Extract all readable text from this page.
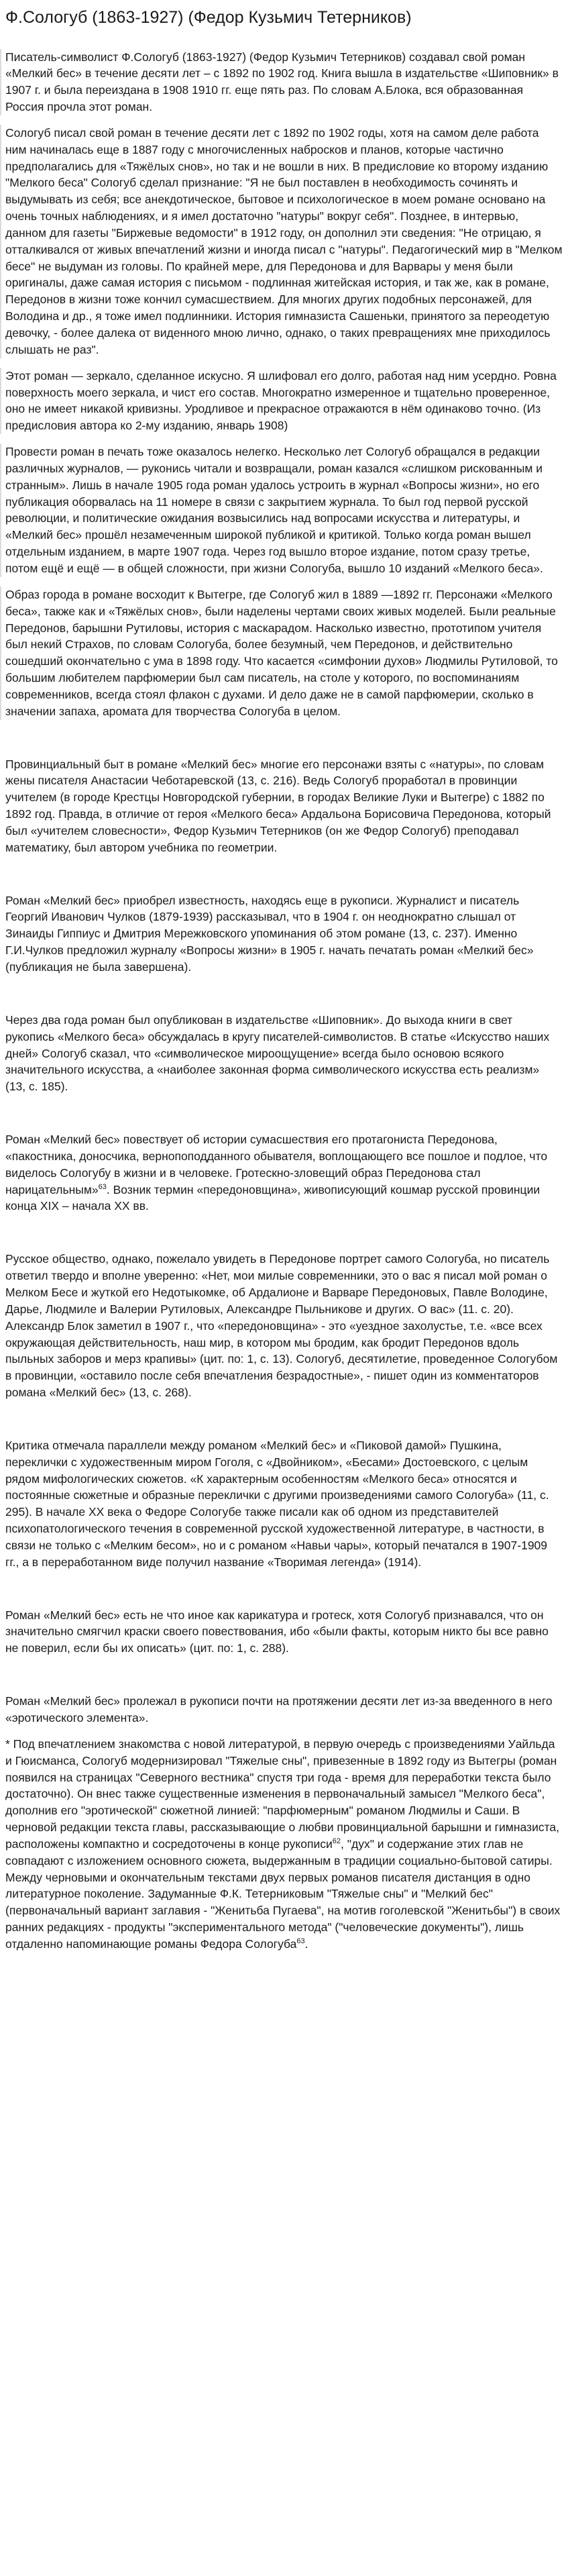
Ф.Сологуб (1863-1927) (Федор Кузьмич Тетерников)

Писатель-символист Ф.Сологуб (1863-1927) (Федор Кузьмич Тетерников) создавал свой роман «Мелкий бес» в течение десяти лет – с 1892 по 1902 год. Книга вышла в издательстве «Шиповник» в 1907 г. и была переиздана в 1908 1910 гг. еще пять раз. По словам А.Блока, вся образованная Россия прочла этот роман.

Сологуб писал свой роман в течение десяти лет с 1892 по 1902 годы, хотя на самом деле работа ним начиналась еще в 1887 году с многочисленных набросков и планов, которые частично предполагались для «Тяжёлых снов», но так и не вошли в них. В предисловие ко второму изданию "Мелкого беса" Сологуб сделал признание: "Я не был поставлен в необходимость сочинять и выдумывать из себя; все анекдотическое, бытовое и психологическое в моем романе основано на очень точных наблюдениях, и я имел достаточно "натуры" вокруг себя". Позднее, в интервью, данном для газеты "Биржевые ведомости" в 1912 году, он дополнил эти сведения: "Не отрицаю, я отталкивался от живых впечатлений жизни и иногда писал с "натуры". Педагогический мир в "Мелком бесе" не выдуман из головы. По крайней мере, для Передонова и для Варвары у меня были оригиналы, даже самая история с письмом - подлинная житейская история, и так же, как в романе, Передонов в жизни тоже кончил сумасшествием. Для многих других подобных персонажей, для Володина и др., я тоже имел подлинники. История гимназиста Сашеньки, принятого за переодетую девочку, - более далека от виденного мною лично, однако, о таких превращениях мне приходилось слышать не раз".

Этот роман — зеркало, сделанное искусно. Я шлифовал его долго, работая над ним усердно. Ровна поверхность моего зеркала, и чист его состав. Многократно измеренное и тщательно проверенное, оно не имеет никакой кривизны. Уродливое и прекрасное отражаются в нём одинаково точно. (Из предисловия автора ко 2-му изданию, январь 1908)

Провести роман в печать тоже оказалось нелегко. Несколько лет Сологуб обращался в редакции различных журналов, — руконись читали и возвращали, роман казался «слишком рискованным и странным». Лишь в начале 1905 года роман удалось устроить в журнал «Вопросы жизни», но его публикация оборвалась на 11 номере в связи с закрытием журнала. То был год первой русской революции, и политические ожидания возвысились над вопросами искусства и литературы, и «Мелкий бес» прошёл незамеченным широкой публикой и критикой. Только когда роман вышел отдельным изданием, в марте 1907 года. Через год вышло второе издание, потом сразу третье, потом ещё и ещё — в общей сложности, при жизни Сологуба, вышло 10 изданий «Мелкого беса».

Образ города в романе восходит к Вытегре, где Сологуб жил в 1889 —1892 гг. Персонажи «Мелкого беса», также как и «Тяжёлых снов», были наделены чертами своих живых моделей. Были реальные Передонов, барышни Рутиловы, история с маскарадом. Насколько известно, прототипом учителя был некий Страхов, по словам Сологуба, более безумный, чем Передонов, и действительно сошедший окончательно с ума в 1898 году. Что касается «симфонии духов» Людмилы Рутиловой, то большим любителем парфюмерии был сам писатель, на столе у которого, по воспоминаниям современников, всегда стоял флакон с духами. И дело даже не в самой парфюмерии, сколько в значении запаха, аромата для творчества Сологуба в целом.

Провинциальный быт в романе «Мелкий бес» многие его персонажи взяты с «натуры», по словам жены писателя Анастасии Чеботаревской (13, с. 216). Ведь Сологуб проработал в провинции учителем (в городе Крестцы Новгородской губернии, в городах Великие Луки и Вытегре) с 1882 по 1892 год. Правда, в отличие от героя «Мелкого беса» Ардальона Борисовича Передонова, который был «учителем словесности», Федор Кузьмич Тетерников (он же Федор Сологуб) преподавал математику, был автором учебника по геометрии.

Роман «Мелкий бес» приобрел известность, находясь еще в рукописи. Журналист и писатель Георгий Иванович Чулков (1879-1939) рассказывал, что в 1904 г. он неоднократно слышал от Зинаиды Гиппиус и Дмитрия Мережковского упоминания об этом романе (13, с. 237). Именно Г.И.Чулков предложил журналу «Вопросы жизни» в 1905 г. начать печатать роман «Мелкий бес» (публикация не была завершена).

Через два года роман был опубликован в издательстве «Шиповник». До выхода книги в свет рукопись «Мелкого беса» обсуждалась в кругу писателей-символистов. В статье «Искусство наших дней» Сологуб сказал, что «символическое мироощущение» всегда было основою всякого значительного искусства, а «наиболее законная форма символического искусства есть реализм» (13, с. 185).

Роман «Мелкий бес» повествует об истории сумасшествия его протагониста Передонова, «пакостника, доносчика, вернопоподданного обывателя, воплощающего все пошлое и подлое, что виделось Сологубу в жизни и в человеке. Гротескно-зловещий образ Передонова стал нарицательным»$^{63}$. Возник термин «передоновщина», живописующий кошмар русской провинции конца XIX – начала XX вв.

Русское общество, однако, пожелало увидеть в Передонове портрет самого Сологуба, но писатель ответил твердо и вполне уверенно: «Нет, мои милые современники, это о вас я писал мой роман о Мелком Бесе и жуткой его Недотыкомке, об Ардалионе и Варваре Передоновых, Павле Володине, Дарье, Людмиле и Валерии Рутиловых, Александре Пыльникове и других. О вас» (11. с. 20). Александр Блок заметил в 1907 г., что «передоновщина» - это «уездное захолустье, т.е. «все всех окружающая действительность, наш мир, в котором мы бродим, как бродит Передонов вдоль пыльных заборов и мерз крапивы» (цит. по: 1, с. 13). Сологуб, десятилетие, проведенное Сологубом в провинции, «оставило после себя впечатления безрадостные», - пишет один из комментаторов романа «Мелкий бес» (13, с. 268).

Критика отмечала параллели между романом «Мелкий бес» и «Пиковой дамой» Пушкина, переклички с художественным миром Гоголя, с «Двойником», «Бесами» Достоевского, с целым рядом мифологических сюжетов. «К характерным особенностям «Мелкого беса» относятся и постоянные сюжетные и образные переклички с другими произведениями самого Сологуба» (11, с. 295). В начале XX века о Федоре Сологубе также писали как об одном из представителей психопатологического течения в современной русской художественной литературе, в частности, в связи не только с «Мелким бесом», но и с романом «Навьи чары», который печатался в 1907-1909 гг., а в переработанном виде получил название «Творимая легенда» (1914).

Роман «Мелкий бес» есть не что иное как карикатура и гротеск, хотя Сологуб признавался, что он значительно смягчил краски своего повествования, ибо «были факты, которым никто бы все равно не поверил, если бы их описать» (цит. по: 1, с. 288).

Роман «Мелкий бес» пролежал в рукописи почти на протяжении десяти лет из-за введенного в него «эротического элемента».

* Под впечатлением знакомства с новой литературой, в первую очередь с произведениями Уайльда и Гюисманса, Сологуб модернизировал "Тяжелые сны", привезенные в 1892 году из Вытегры (роман появился на страницах "Северного вестника" спустя три года - время для переработки текста было достаточно). Он внес также существенные изменения в первоначальный замысел "Мелкого беса", дополнив его "эротической" сюжетной линией: "парфюмерным" романом Людмилы и Саши. В черновой редакции текста главы, рассказывающие о любви провинциальной барышни и гимназиста, расположены компактно и сосредоточены в конце рукописи$^{62}$, "дух" и содержание этих глав не совпадают с изложением основного сюжета, выдержанным в традиции социально-бытовой сатиры. Между черновыми и окончательным текстами двух первых романов писателя дистанция в одно литературное поколение. Задуманные Ф.К. Тетерниковым "Тяжелые сны" и "Мелкий бес" (первоначальный вариант заглавия - "Женитьба Пугаева", на мотив гоголевской "Женитьбы") в своих ранних редакциях - продукты "экспериментального метода" ("человеческие документы"), лишь отдаленно напоминающие романы Федора Сологуба$^{63}$.
